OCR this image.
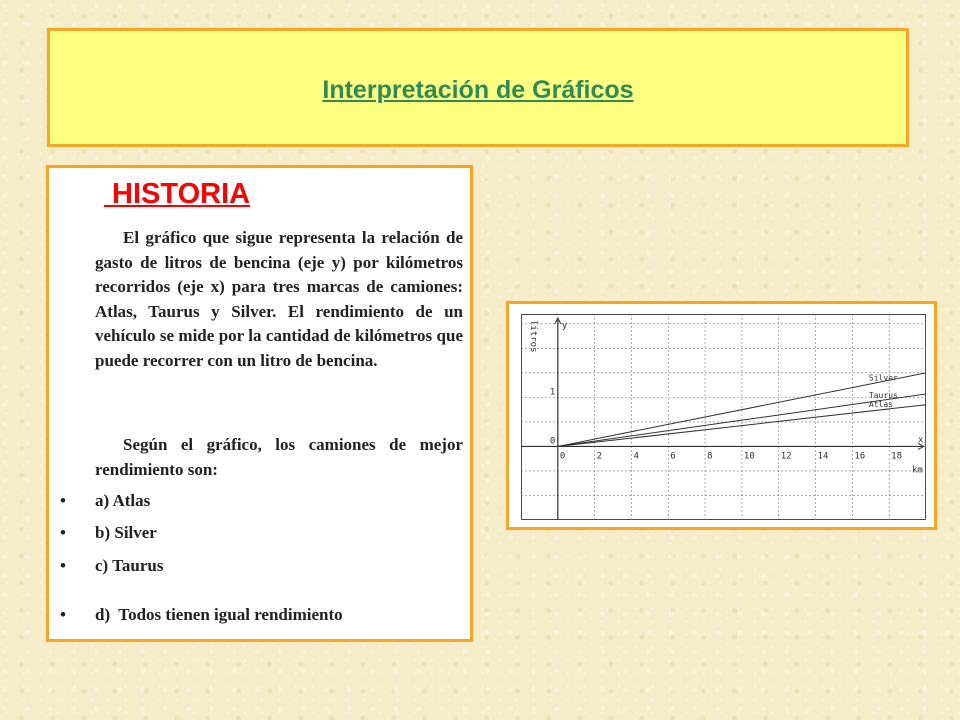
Interpretación de Gráficos
HISTORIA

El gráfico que sigue representa la relación de gasto de litros de bencina (eje y) por kilómetros recorridos (eje x) para tres marcas de camiones: Atlas, Taurus y Silver. El rendimiento de un vehículo se mide por la cantidad de kilómetros que puede recorrer con un litro de bencina.

Según el gráfico, los camiones de mejor rendimiento son:

• a) Atlas
• b) Silver
• c) Taurus
• d)  Todos tienen igual rendimiento
0	2	4	6	8	10	12	14	16	18
0
1
x
y
km
litros
Silver
Taurus
Atlas
